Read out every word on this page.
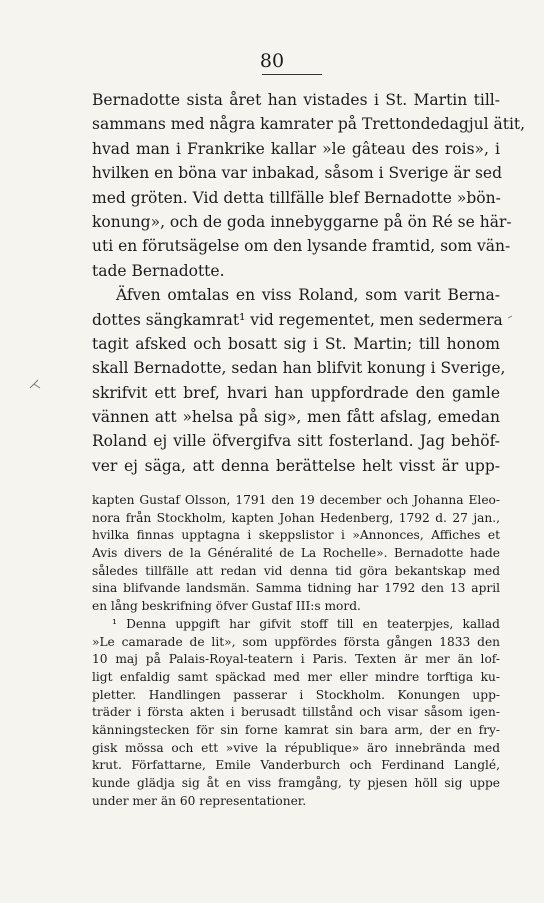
80
Bernadotte sista året han vistades i St. Martin till-
sammans med några kamrater på Trettondedagjul ätit,
hvad man i Frankrike kallar »le gâteau des rois», i
hvilken en böna var inbakad, såsom i Sverige är sed
med gröten. Vid detta tillfälle blef Bernadotte »bön-
konung», och de goda innebyggarne på ön Ré se här-
uti en förutsägelse om den lysande framtid, som vän-
tade Bernadotte.
Äfven omtalas en viss Roland, som varit Berna-
dottes sängkamrat¹ vid regementet, men sedermera
tagit afsked och bosatt sig i St. Martin; till honom
skall Bernadotte, sedan han blifvit konung i Sverige,
skrifvit ett bref, hvari han uppfordrade den gamle
vännen att »helsa på sig», men fått afslag, emedan
Roland ej ville öfvergifva sitt fosterland. Jag behöf-
ver ej säga, att denna berättelse helt visst är upp-
kapten Gustaf Olsson, 1791 den 19 december och Johanna Eleo-
nora från Stockholm, kapten Johan Hedenberg, 1792 d. 27 jan.,
hvilka finnas upptagna i skeppslistor i »Annonces, Affiches et
Avis divers de la Généralité de La Rochelle». Bernadotte hade
således tillfälle att redan vid denna tid göra bekantskap med
sina blifvande landsmän. Samma tidning har 1792 den 13 april
en lång beskrifning öfver Gustaf III:s mord.
¹ Denna uppgift har gifvit stoff till en teaterpjes, kallad
»Le camarade de lit», som uppfördes första gången 1833 den
10 maj på Palais-Royal-teatern i Paris. Texten är mer än lof-
ligt enfaldig samt späckad med mer eller mindre torftiga ku-
pletter. Handlingen passerar i Stockholm. Konungen upp-
träder i första akten i berusadt tillstånd och visar såsom igen-
känningstecken för sin forne kamrat sin bara arm, der en fry-
gisk mössa och ett »vive la république» äro innebrända med
krut. Författarne, Emile Vanderburch och Ferdinand Langlé,
kunde glädja sig åt en viss framgång, ty pjesen höll sig uppe
under mer än 60 representationer.
